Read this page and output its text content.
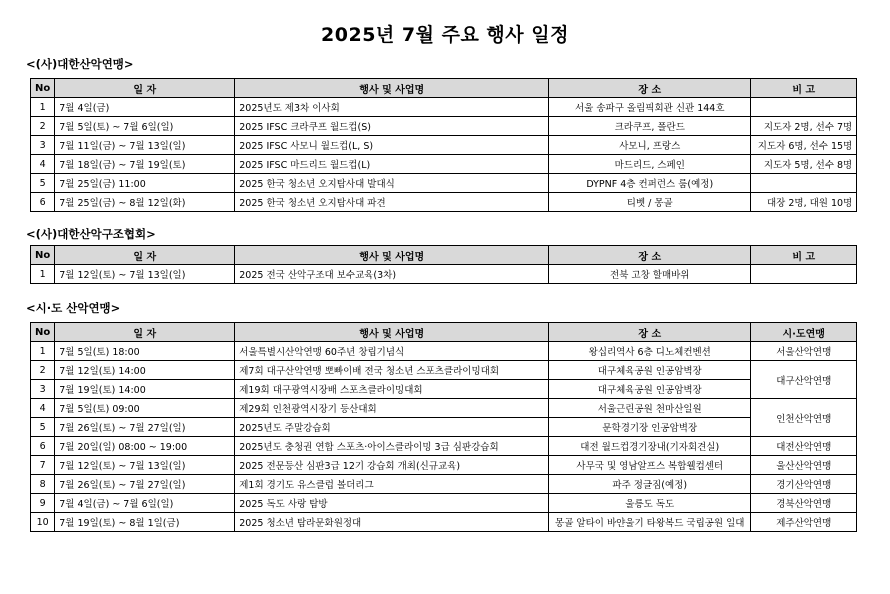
2025년 7월 주요 행사 일정
<(사)대한산악연맹>
No	일 자	행사 및 사업명	장 소	비 고
1	7월 4일(금)	2025년도 제3차 이사회	서울 송파구 올림픽회관 신관 144호	
2	7월 5일(토) ~ 7월 6일(일)	2025 IFSC 크라쿠프 월드컵(S)	크라쿠프, 폴란드	지도자 2명, 선수 7명
3	7월 11일(금) ~ 7월 13일(일)	2025 IFSC 사모니 월드컵(L, S)	사모니, 프랑스	지도자 6명, 선수 15명
4	7월 18일(금) ~ 7월 19일(토)	2025 IFSC 마드리드 월드컵(L)	마드리드, 스페인	지도자 5명, 선수 8명
5	7월 25일(금) 11:00	2025 한국 청소년 오지탐사대 발대식	DYPNF 4층 컨퍼런스 룸(예정)	
6	7월 25일(금) ~ 8월 12일(화)	2025 한국 청소년 오지탐사대 파견	티벳 / 몽골	대장 2명, 대원 10명
<(사)대한산악구조협회>
No	일 자	행사 및 사업명	장 소	비 고
1	7월 12일(토) ~ 7월 13일(일)	2025 전국 산악구조대 보수교육(3차)	전북 고창 할매바위	
<시·도 산악연맹>
No	일 자	행사 및 사업명	장 소	시·도연맹
1	7월 5일(토) 18:00	서울특별시산악연맹 60주년 창립기념식	왕십리역사 6층 디노체컨벤션	서울산악연맹
2	7월 12일(토) 14:00	제7회 대구산악연맹 뽀빠이배 전국 청소년 스포츠클라이밍대회	대구체육공원 인공암벽장	대구산악연맹
3	7월 19일(토) 14:00	제19회 대구광역시장배 스포츠클라이밍대회	대구체육공원 인공암벽장	
4	7월 5일(토) 09:00	제29회 인천광역시장기 등산대회	서울근린공원 천마산일원	인천산악연맹
5	7월 26일(토) ~ 7월 27일(일)	2025년도 주말강습회	문학경기장 인공암벽장	
6	7월 20일(일) 08:00 ~ 19:00	2025년도 충청권 연합 스포츠·아이스클라이밍 3급 심판강습회	대전 월드컵경기장내(기자회견실)	대전산악연맹
7	7월 12일(토) ~ 7월 13일(일)	2025 전문등산 심판3급 12기 강습회 개최(신규교육)	사무국 및 영남알프스 복합웰컴센터	울산산악연맹
8	7월 26일(토) ~ 7월 27일(일)	제1회 경기도 유스클럽 볼더리그	파주 정글짐(예정)	경기산악연맹
9	7월 4일(금) ~ 7월 6일(일)	2025 독도 사랑 탐방	울릉도 독도	경북산악연맹
10	7월 19일(토) ~ 8월 1일(금)	2025 청소년 탐라문화원정대	몽골 알타이 바얀울기 타왕복드 국립공원 일대	제주산악연맹
